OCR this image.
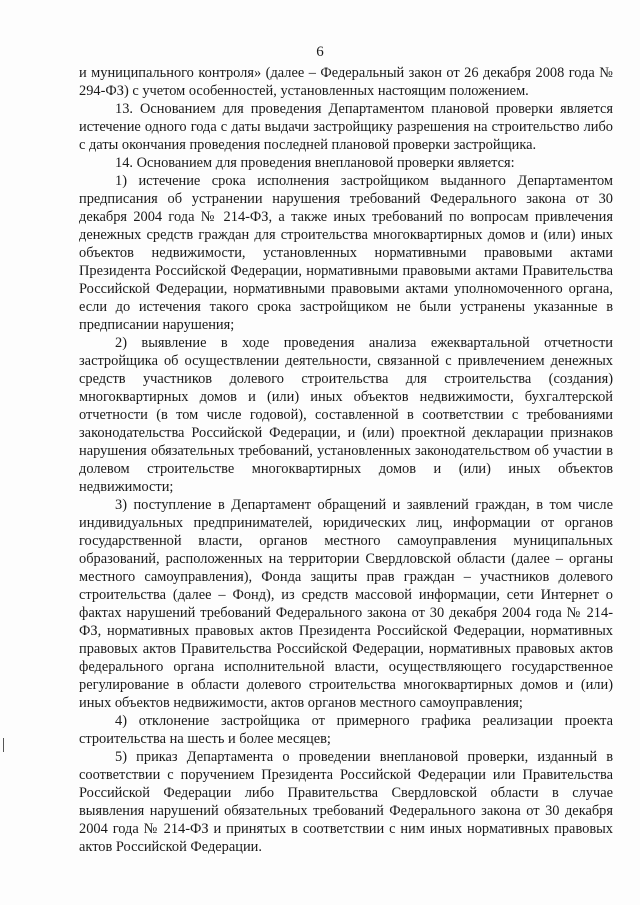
6

и муниципального контроля» (далее – Федеральный закон от 26 декабря 2008 года № 294-ФЗ) с учетом особенностей, установленных настоящим положением.

13. Основанием для проведения Департаментом плановой проверки является истечение одного года с даты выдачи застройщику разрешения на строительство либо с даты окончания проведения последней плановой проверки застройщика.

14. Основанием для проведения внеплановой проверки является:

1) истечение срока исполнения застройщиком выданного Департаментом предписания об устранении нарушения требований Федерального закона от 30 декабря 2004 года № 214-ФЗ, а также иных требований по вопросам привлечения денежных средств граждан для строительства многоквартирных домов и (или) иных объектов недвижимости, установленных нормативными правовыми актами Президента Российской Федерации, нормативными правовыми актами Правительства Российской Федерации, нормативными правовыми актами уполномоченного органа, если до истечения такого срока застройщиком не были устранены указанные в предписании нарушения;

2) выявление в ходе проведения анализа ежеквартальной отчетности застройщика об осуществлении деятельности, связанной с привлечением денежных средств участников долевого строительства для строительства (создания) многоквартирных домов и (или) иных объектов недвижимости, бухгалтерской отчетности (в том числе годовой), составленной в соответствии с требованиями законодательства Российской Федерации, и (или) проектной декларации признаков нарушения обязательных требований, установленных законодательством об участии в долевом строительстве многоквартирных домов и (или) иных объектов недвижимости;

3) поступление в Департамент обращений и заявлений граждан, в том числе индивидуальных предпринимателей, юридических лиц, информации от органов государственной власти, органов местного самоуправления муниципальных образований, расположенных на территории Свердловской области (далее – органы местного самоуправления), Фонда защиты прав граждан – участников долевого строительства (далее – Фонд), из средств массовой информации, сети Интернет о фактах нарушений требований Федерального закона от 30 декабря 2004 года № 214-ФЗ, нормативных правовых актов Президента Российской Федерации, нормативных правовых актов Правительства Российской Федерации, нормативных правовых актов федерального органа исполнительной власти, осуществляющего государственное регулирование в области долевого строительства многоквартирных домов и (или) иных объектов недвижимости, актов органов местного самоуправления;

4) отклонение застройщика от примерного графика реализации проекта строительства на шесть и более месяцев;

5) приказ Департамента о проведении внеплановой проверки, изданный в соответствии с поручением Президента Российской Федерации или Правительства Российской Федерации либо Правительства Свердловской области в случае выявления нарушений обязательных требований Федерального закона от 30 декабря 2004 года № 214-ФЗ и принятых в соответствии с ним иных нормативных правовых актов Российской Федерации.
